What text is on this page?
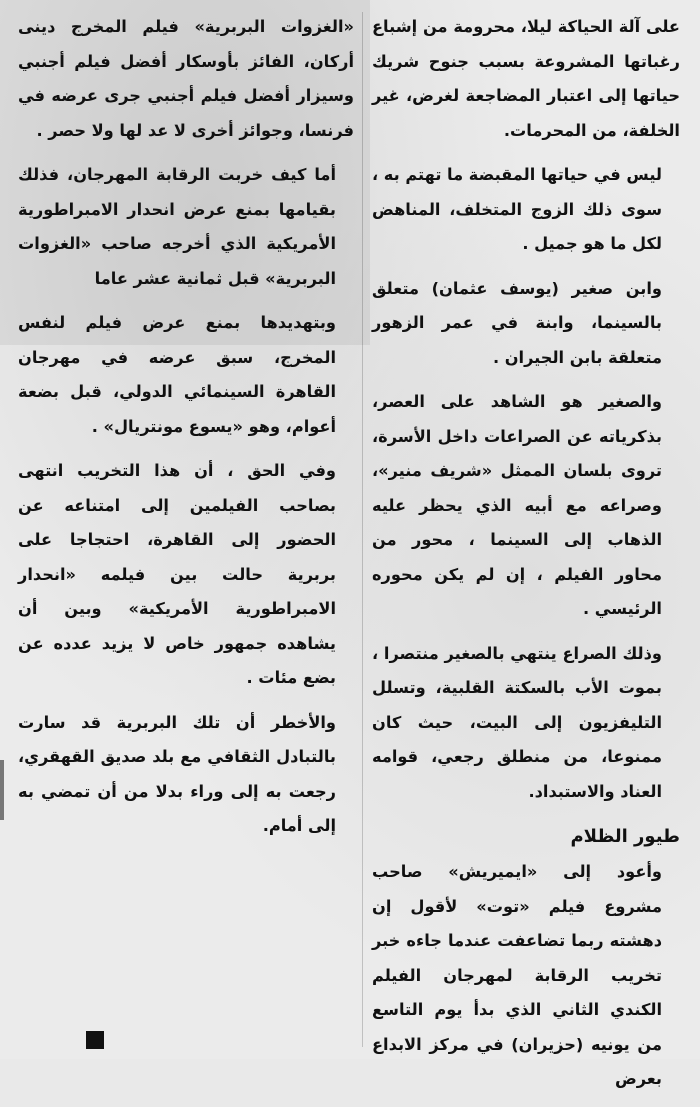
على آلة الحياكة ليلا، محرومة من إشباع رغباتها المشروعة بسبب جنوح شريك حياتها إلى اعتبار المضاجعة لغرض، غير الخلفة، من المحرمات.

ليس في حياتها المقبضة ما تهتم به ، سوى ذلك الزوج المتخلف، المناهض لكل ما هو جميل .

وابن صغير (يوسف عثمان) متعلق بالسينما، وابنة في عمر الزهور متعلقة بابن الجيران .

والصغير هو الشاهد على العصر، بذكرياته عن الصراعات داخل الأسرة، تروى بلسان الممثل «شريف منير»، وصراعه مع أبيه الذي يحظر عليه الذهاب إلى السينما ، محور من محاور الفيلم ، إن لم يكن محوره الرئيسي .

وذلك الصراع ينتهي بالصغير منتصرا ، بموت الأب بالسكتة القلبية، وتسلل التليفزيون إلى البيت، حيث كان ممنوعا، من منطلق رجعي، قوامه العناد والاستبداد.

طيور الظلام

وأعود إلى «ايميريش» صاحب مشروع فيلم «توت» لأقول إن دهشته ربما تضاعفت عندما جاءه خبر تخريب الرقابة لمهرجان الفيلم الكندي الثاني الذي بدأ يوم التاسع من يونيه (حزيران) في مركز الابداع بعرض

«الغزوات البربرية» فيلم المخرج دينى أركان، الفائز بأوسكار أفضل فيلم أجنبي وسيزار أفضل فيلم أجنبي جرى عرضه في فرنسا، وجوائز أخرى لا عد لها ولا حصر .

أما كيف خربت الرقابة المهرجان، فذلك بقيامها بمنع عرض انحدار الامبراطورية الأمريكية الذي أخرجه صاحب «الغزوات البربرية» قبل ثمانية عشر عاما

وبتهديدها بمنع عرض فيلم لنفس المخرج، سبق عرضه في مهرجان القاهرة السينمائي الدولي، قبل بضعة أعوام، وهو «يسوع مونتريال» .

وفي الحق ، أن هذا التخريب انتهى بصاحب الفيلمين إلى امتناعه عن الحضور إلى القاهرة، احتجاجا على بربرية حالت بين فيلمه «انحدار الامبراطورية الأمريكية» وبين أن يشاهده جمهور خاص لا يزيد عدده عن بضع مئات .

والأخطر أن تلك البربرية قد سارت بالتبادل الثقافي مع بلد صديق القهقري، رجعت به إلى وراء بدلا من أن تمضي به إلى أمام.
